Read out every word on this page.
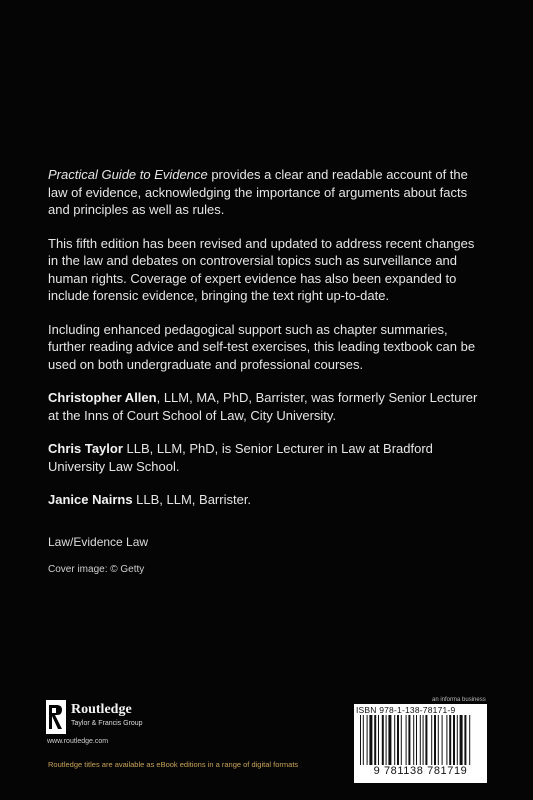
Practical Guide to Evidence provides a clear and readable account of the law of evidence, acknowledging the importance of arguments about facts and principles as well as rules.

This fifth edition has been revised and updated to address recent changes in the law and debates on controversial topics such as surveillance and human rights. Coverage of expert evidence has also been expanded to include forensic evidence, bringing the text right up-to-date.

Including enhanced pedagogical support such as chapter summaries, further reading advice and self-test exercises, this leading textbook can be used on both undergraduate and professional courses.

Christopher Allen, LLM, MA, PhD, Barrister, was formerly Senior Lecturer at the Inns of Court School of Law, City University.

Chris Taylor LLB, LLM, PhD, is Senior Lecturer in Law at Bradford University Law School.

Janice Nairns LLB, LLM, Barrister.

Law/Evidence Law
Cover image: © Getty
Routledge
Taylor & Francis Group
www.routledge.com
Routledge titles are available as eBook editions in a range of digital formats
an informa business
ISBN 978-1-138-78171-9
9 781138 781719
